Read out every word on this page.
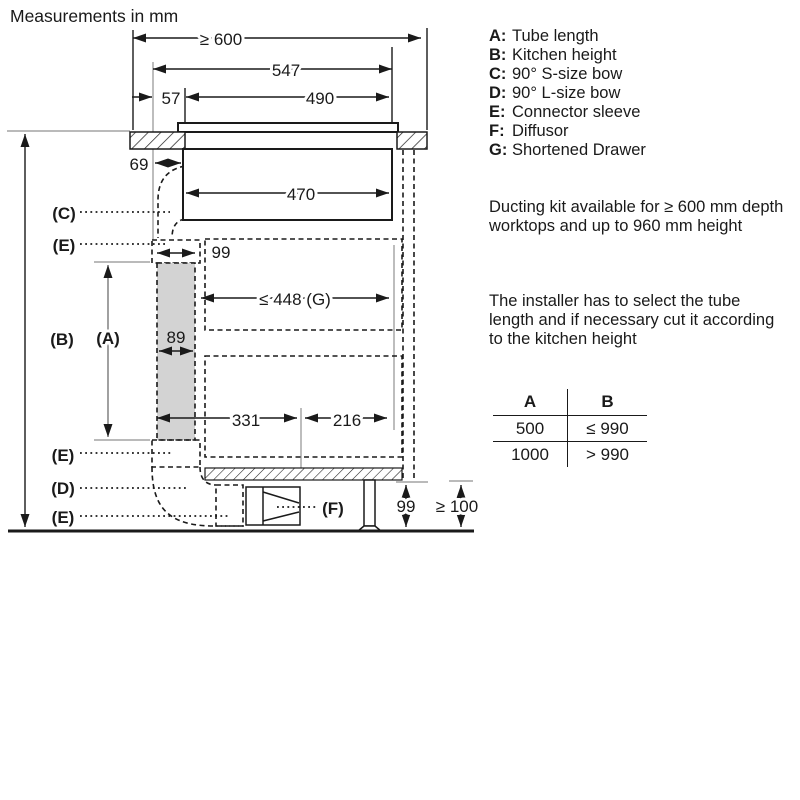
Measurements in mm
≥ 600
547
57	490
69
470
99
≤ 448 (G)
89
331	216
99 ≥ 100
(A)
(B)
(C)
(E)
(E)
(D)
(E)	(F)
A: Tube length
B: Kitchen height
C: 90° S-size bow
D: 90° L-size bow
E: Connector sleeve
F: Diffusor
G: Shortened Drawer
Ducting kit available for ≥ 600 mm depth worktops and up to 960 mm height
The installer has to select the tube length and if necessary cut it according to the kitchen height
A	B
500	≤ 990
1000	> 990
